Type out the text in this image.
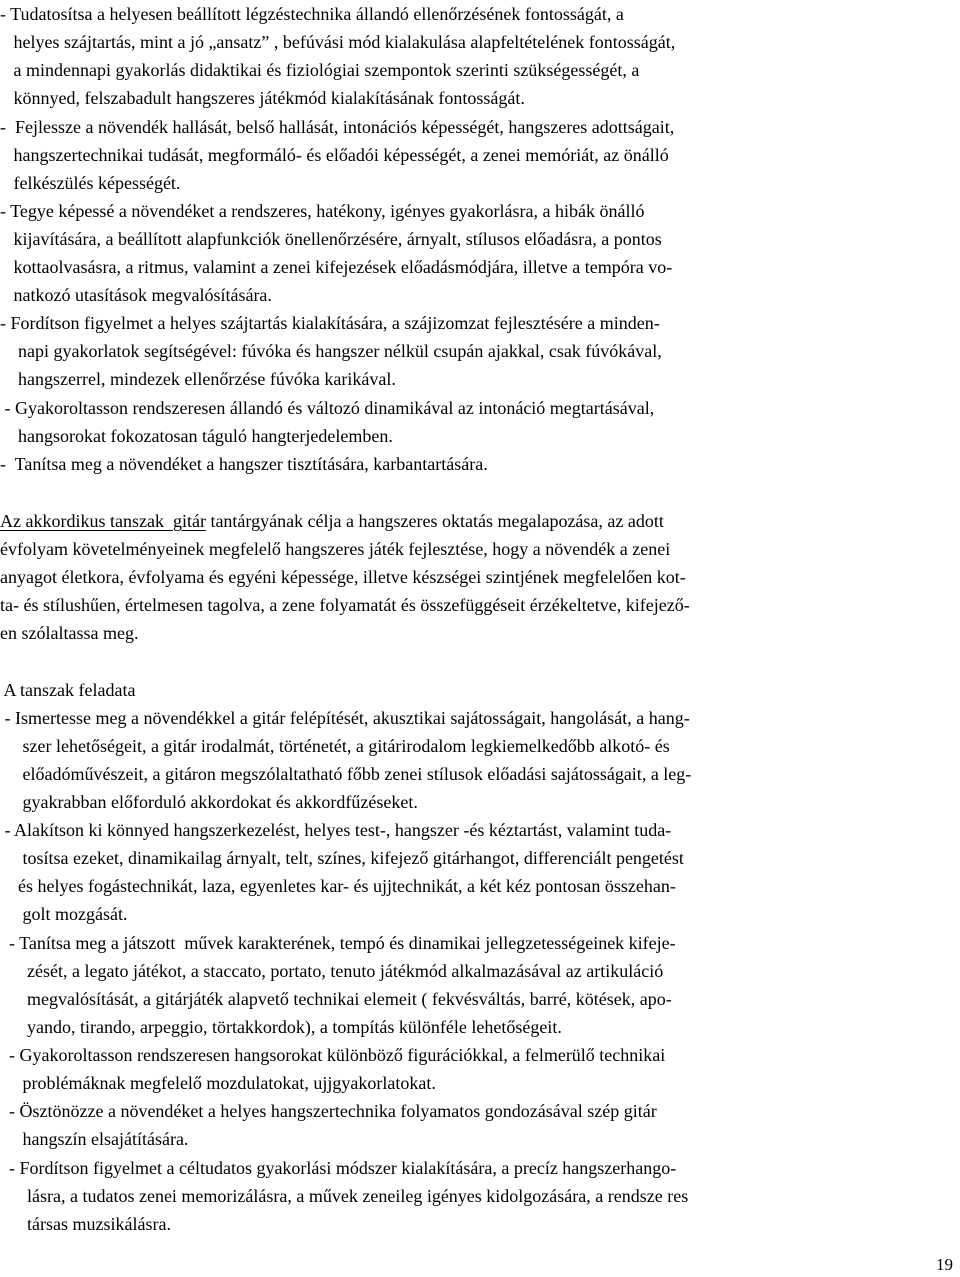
- Tudatosítsa a helyesen beállított légzéstechnika állandó ellenőrzésének fontosságát, a
helyes szájtartás, mint a jó „ansatz” , befúvási mód kialakulása alapfeltételének fontosságát,
a mindennapi gyakorlás didaktikai és fiziológiai szempontok szerinti szükségességét, a
könnyed, felszabadult hangszeres játékmód kialakításának fontosságát.
-  Fejlessze a növendék hallását, belső hallását, intonációs képességét, hangszeres adottságait,
hangszertechnikai tudását, megformáló- és előadói képességét, a zenei memóriát, az önálló
felkészülés képességét.
- Tegye képessé a növendéket a rendszeres, hatékony, igényes gyakorlásra, a hibák önálló
kijavítására, a beállított alapfunkciók önellenőrzésére, árnyalt, stílusos előadásra, a pontos
kottaolvasásra, a ritmus, valamint a zenei kifejezések előadásmódjára, illetve a tempóra vo-
natkozó utasítások megvalósítására.
- Fordítson figyelmet a helyes szájtartás kialakítására, a szájizomzat fejlesztésére a minden-
napi gyakorlatok segítségével: fúvóka és hangszer nélkül csupán ajakkal, csak fúvókával,
hangszerrel, mindezek ellenőrzése fúvóka karikával.
- Gyakoroltasson rendszeresen állandó és változó dinamikával az intonáció megtartásával,
hangsorokat fokozatosan táguló hangterjedelemben.
-  Tanítsa meg a növendéket a hangszer tisztítására, karbantartására.
Az akkordikus tanszak  gitár tantárgyának célja a hangszeres oktatás megalapozása, az adott
évfolyam követelményeinek megfelelő hangszeres játék fejlesztése, hogy a növendék a zenei
anyagot életkora, évfolyama és egyéni képessége, illetve készségei szintjének megfelelően kot-
ta- és stílushűen, értelmesen tagolva, a zene folyamatát és összefüggéseit érzékeltetve, kifejező-
en szólaltassa meg.
A tanszak feladata
- Ismertesse meg a növendékkel a gitár felépítését, akusztikai sajátosságait, hangolását, a hang-
szer lehetőségeit, a gitár irodalmát, történetét, a gitárirodalom legkiemelkedőbb alkotó- és
előadóművészeit, a gitáron megszólaltatható főbb zenei stílusok előadási sajátosságait, a leg-
gyakrabban előforduló akkordokat és akkordfűzéseket.
- Alakítson ki könnyed hangszerkezelést, helyes test-, hangszer -és kéztartást, valamint tuda-
tosítsa ezeket, dinamikailag árnyalt, telt, színes, kifejező gitárhangot, differenciált pengetést
és helyes fogástechnikát, laza, egyenletes kar- és ujjtechnikát, a két kéz pontosan összehan-
golt mozgását.
- Tanítsa meg a játszott  művek karakterének, tempó és dinamikai jellegzetességeinek kifeje-
zését, a legato játékot, a staccato, portato, tenuto játékmód alkalmazásával az artikuláció
megvalósítását, a gitárjáték alapvető technikai elemeit ( fekvésváltás, barré, kötések, apo-
yando, tirando, arpeggio, törtakkordok), a tompítás különféle lehetőségeit.
- Gyakoroltasson rendszeresen hangsorokat különböző figurációkkal, a felmerülő technikai
problémáknak megfelelő mozdulatokat, ujjgyakorlatokat.
- Ösztönözze a növendéket a helyes hangszertechnika folyamatos gondozásával szép gitár
hangszín elsajátítására.
- Fordítson figyelmet a céltudatos gyakorlási módszer kialakítására, a precíz hangszerhango-
lásra, a tudatos zenei memorizálásra, a művek zeneileg igényes kidolgozására, a rendsze res
társas muzsikálásra.
19
